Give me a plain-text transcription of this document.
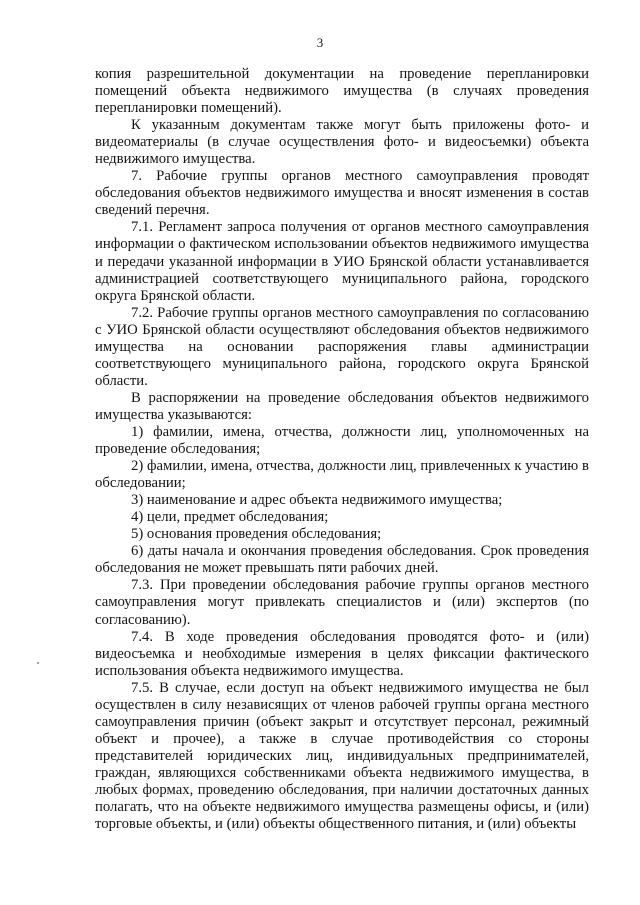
3

копия разрешительной документации на проведение перепланировки помещений объекта недвижимого имущества (в случаях проведения перепланировки помещений).

К указанным документам также могут быть приложены фото- и видеоматериалы (в случае осуществления фото- и видеосъемки) объекта недвижимого имущества.

7. Рабочие группы органов местного самоуправления проводят обследования объектов недвижимого имущества и вносят изменения в состав сведений перечня.

7.1. Регламент запроса получения от органов местного самоуправления информации о фактическом использовании объектов недвижимого имущества и передачи указанной информации в УИО Брянской области устанавливается администрацией соответствующего муниципального района, городского округа Брянской области.

7.2. Рабочие группы органов местного самоуправления по согласованию с УИО Брянской области осуществляют обследования объектов недвижимого имущества на основании распоряжения главы администрации соответствующего муниципального района, городского округа Брянской области.

В распоряжении на проведение обследования объектов недвижимого имущества указываются:

1) фамилии, имена, отчества, должности лиц, уполномоченных на проведение обследования;

2) фамилии, имена, отчества, должности лиц, привлеченных к участию в обследовании;

3) наименование и адрес объекта недвижимого имущества;

4) цели, предмет обследования;

5) основания проведения обследования;

6) даты начала и окончания проведения обследования. Срок проведения обследования не может превышать пяти рабочих дней.

7.3. При проведении обследования рабочие группы органов местного самоуправления могут привлекать специалистов и (или) экспертов (по согласованию).

7.4. В ходе проведения обследования проводятся фото- и (или) видеосъемка и необходимые измерения в целях фиксации фактического использования объекта недвижимого имущества.

7.5. В случае, если доступ на объект недвижимого имущества не был осуществлен в силу независящих от членов рабочей группы органа местного самоуправления причин (объект закрыт и отсутствует персонал, режимный объект и прочее), а также в случае противодействия со стороны представителей юридических лиц, индивидуальных предпринимателей, граждан, являющихся собственниками объекта недвижимого имущества, в любых формах, проведению обследования, при наличии достаточных данных полагать, что на объекте недвижимого имущества размещены офисы, и (или) торговые объекты, и (или) объекты общественного питания, и (или) объекты
